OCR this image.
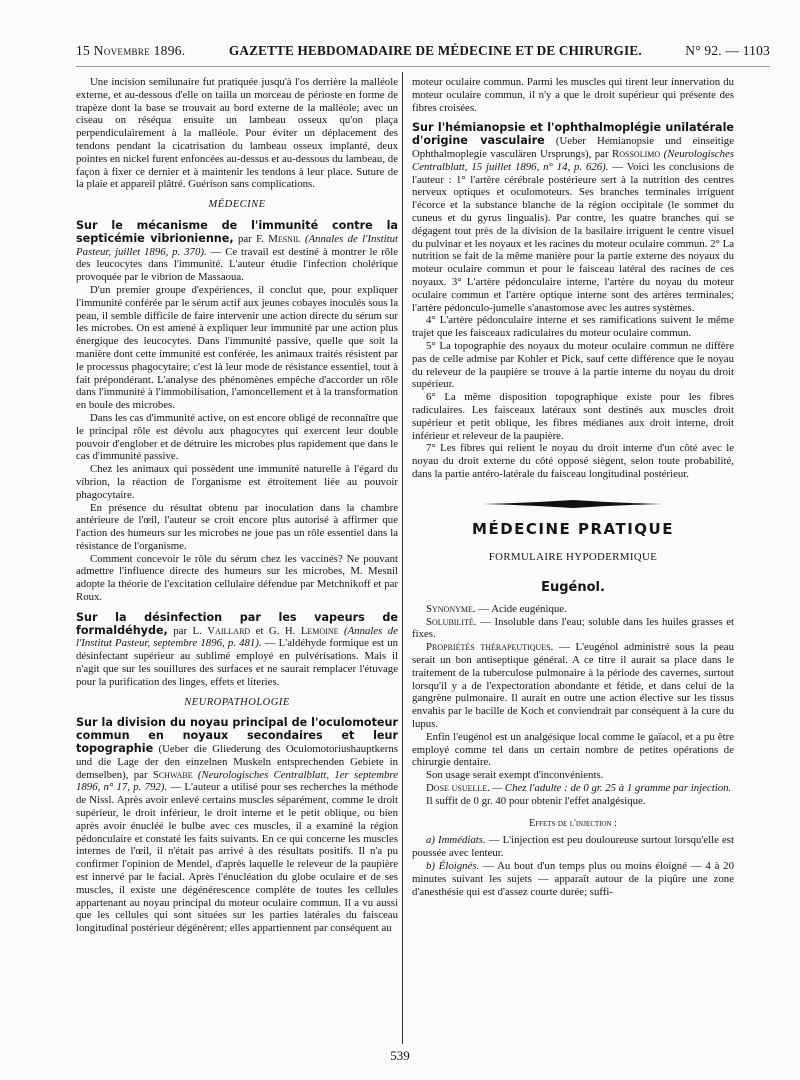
15 Novembre 1896.	GAZETTE HEBDOMADAIRE DE MÉDECINE ET DE CHIRURGIE.	N° 92. — 1103

Une incision semilunaire fut pratiquée jusqu'à l'os derrière la malléole externe, et au-dessous d'elle on tailla un morceau de périoste en forme de trapèze dont la base se trouvait au bord externe de la malléole; avec un ciseau on réséqua ensuite un lambeau osseux qu'on plaça perpendiculairement à la malléole. Pour éviter un déplacement des tendons pendant la cicatrisation du lambeau osseux implanté, deux pointes en nickel furent enfoncées au-dessus et au-dessous du lambeau, de façon à fixer ce dernier et à maintenir les tendons à leur place. Suture de la plaie et appareil plâtré. Guérison sans complications.

MÉDECINE

Sur le mécanisme de l'immunité contre la septicémie vibrionienne, par F. Mesnil (Annales de l'Institut Pasteur, juillet 1896, p. 370). — Ce travail est destiné à montrer le rôle des leucocytes dans l'immunité. L'auteur étudie l'infection cholérique provoquée par le vibrion de Massaoua.

D'un premier groupe d'expériences, il conclut que, pour expliquer l'immunité conférée par le sérum actif aux jeunes cobayes inoculés sous la peau, il semble difficile de faire intervenir une action directe du sérum sur les microbes. On est amené à expliquer leur immunité par une action plus énergique des leucocytes. Dans l'immunité passive, quelle que soit la manière dont cette immunité est conférée, les animaux traités résistent par le processus phagocytaire; c'est là leur mode de résistance essentiel, tout à fait prépondérant. L'analyse des phénomènes empêche d'accorder un rôle dans l'immunité à l'immobilisation, l'amoncellement et à la transformation en boule des microbes.

Dans les cas d'immunité active, on est encore obligé de reconnaître que le principal rôle est dévolu aux phagocytes qui exercent leur double pouvoir d'englober et de détruire les microbes plus rapidement que dans le cas d'immunité passive.

Chez les animaux qui possèdent une immunité naturelle à l'égard du vibrion, la réaction de l'organisme est étroitement liée au pouvoir phagocytaire.

En présence du résultat obtenu par inoculation dans la chambre antérieure de l'œil, l'auteur se croit encore plus autorisé à affirmer que l'action des humeurs sur les microbes ne joue pas un rôle essentiel dans la résistance de l'organisme.

Comment concevoir le rôle du sérum chez les vaccinés? Ne pouvant admettre l'influence directe des humeurs sur les microbes, M. Mesnil adopte la théorie de l'excitation cellulaire défendue par Metchnikoff et par Roux.

Sur la désinfection par les vapeurs de formaldéhyde, par L. Vaillard et G. H. Lemoine (Annales de l'Institut Pasteur, septembre 1896, p. 481). — L'aldéhyde formique est un désinfectant supérieur au sublimé employé en pulvérisations. Mais il n'agit que sur les souillures des surfaces et ne saurait remplacer l'étuvage pour la purification des linges, effets et literies.

NEUROPATHOLOGIE

Sur la division du noyau principal de l'oculomoteur commun en noyaux secondaires et leur topographie (Ueber die Gliederung des Oculomotoriushauptkerns und die Lage der den einzelnen Muskeln entsprechenden Gebiete in demselben), par Schwabe (Neurologisches Centralblatt, 1er septembre 1896, n° 17, p. 792). — L'auteur a utilisé pour ses recherches la méthode de Nissl. Après avoir enlevé certains muscles séparément, comme le droit supérieur, le droit inférieur, le droit interne et le petit oblique, ou bien après avoir énucléé le bulbe avec ces muscles, il a examiné la région pédonculaire et constaté les faits suivants. En ce qui concerne les muscles internes de l'œil, il n'était pas arrivé à des résultats positifs. Il n'a pu confirmer l'opinion de Mendel, d'après laquelle le releveur de la paupière est innervé par le facial. Après l'énucléation du globe oculaire et de ses muscles, il existe une dégénérescence complète de toutes les cellules appartenant au noyau principal du moteur oculaire commun. Il a vu aussi que les cellules qui sont situées sur les parties latérales du faisceau longitudinal postérieur dégénèrent; elles appartiennent par conséquent au

moteur oculaire commun. Parmi les muscles qui tirent leur innervation du moteur oculaire commun, il n'y a que le droit supérieur qui présente des fibres croisées.

Sur l'hémianopsie et l'ophthalmoplégie unilatérale d'origine vasculaire (Ueber Hemianopsie und einseitige Ophthalmoplegie vasculären Ursprungs), par Rossolimo (Neurologisches Centralblatt, 15 juillet 1896, n° 14, p. 626). — Voici les conclusions de l'auteur : 1° l'artère cérébrale postérieure sert à la nutrition des centres nerveux optiques et oculomoteurs. Ses branches terminales irriguent l'écorce et la substance blanche de la région occipitale (le sommet du cuneus et du gyrus lingualis). Par contre, les quatre branches qui se dégagent tout près de la division de la basilaire irriguent le centre visuel du pulvinar et les noyaux et les racines du moteur oculaire commun. 2° La nutrition se fait de la même manière pour la partie externe des noyaux du moteur oculaire commun et pour le faisceau latéral des racines de ces noyaux. 3° L'artère pédonculaire interne, l'artère du noyau du moteur oculaire commun et l'artère optique interne sont des artères terminales; l'artère pédonculo-jumelle s'anastomose avec les autres systèmes.

4° L'artère pédonculaire interne et ses ramifications suivent le même trajet que les faisceaux radiculaires du moteur oculaire commun.

5° La topographie des noyaux du moteur oculaire commun ne diffère pas de celle admise par Kohler et Pick, sauf cette différence que le noyau du releveur de la paupière se trouve à la partie interne du noyau du droit supérieur.

6° La même disposition topographique existe pour les fibres radiculaires. Les faisceaux latéraux sont destinés aux muscles droit supérieur et petit oblique, les fibres médianes aux droit interne, droit inférieur et releveur de la paupière.

7° Les fibres qui relient le noyau du droit interne d'un côté avec le noyau du droit externe du côté opposé siègent, selon toute probabilité, dans la partie antéro-latérale du faisceau longitudinal postérieur.

MÉDECINE PRATIQUE
FORMULAIRE HYPODERMIQUE
Eugénol.

Synonyme. — Acide eugénique.

Solubilité. — Insoluble dans l'eau; soluble dans les huiles grasses et fixes.

Propriétés thérapeutiques. — L'eugénol administré sous la peau serait un bon antiseptique général. A ce titre il aurait sa place dans le traitement de la tuberculose pulmonaire à la période des cavernes, surtout lorsqu'il y a de l'expectoration abondante et fétide, et dans celui de la gangrène pulmonaire. Il aurait en outre une action élective sur les tissus envahis par le bacille de Koch et conviendrait par conséquent à la cure du lupus.

Enfin l'eugénol est un analgésique local comme le gaïacol, et a pu être employé comme tel dans un certain nombre de petites opérations de chirurgie dentaire.

Son usage serait exempt d'inconvénients.

Dose usuelle. — Chez l'adulte : de 0 gr. 25 à 1 gramme par injection.

Il suffit de 0 gr. 40 pour obtenir l'effet analgésique.

Effets de l'injection :

a) Immédiats. — L'injection est peu douloureuse surtout lorsqu'elle est poussée avec lenteur.

b) Éloignés. — Au bout d'un temps plus ou moins éloigné — 4 à 20 minutes suivant les sujets — apparaît autour de la piqûre une zone d'anesthésie qui est d'assez courte durée; suffi-

539
